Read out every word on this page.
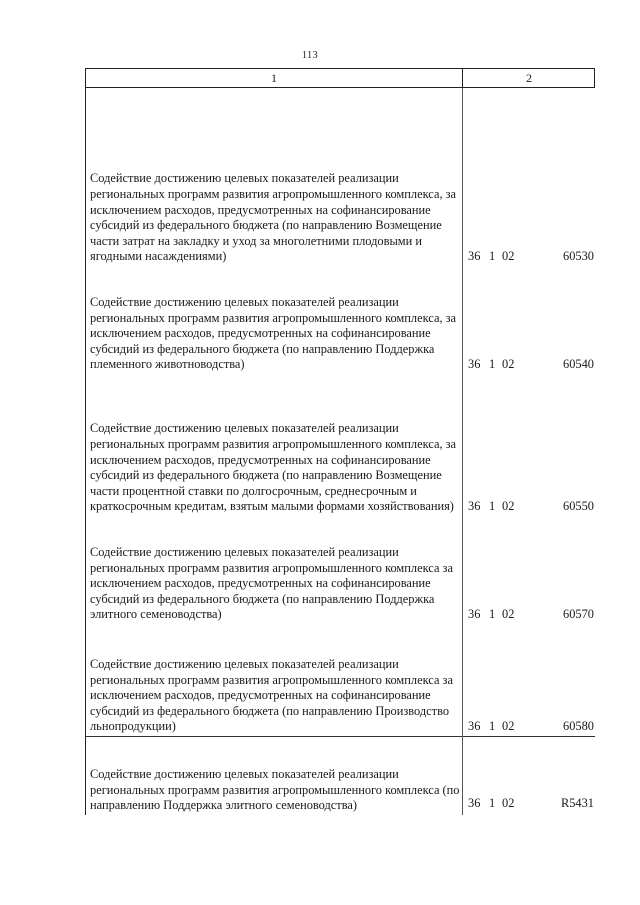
113
1	2

Содействие достижению целевых показателей реализации региональных программ развития агропромышленного комплекса, за исключением расходов, предусмотренных на софинансирование субсидий из федерального бюджета (по направлению Возмещение части затрат на закладку и уход за многолетними плодовыми и ягодными насаждениями)	36 1 02 60530

Содействие достижению целевых показателей реализации региональных программ развития агропромышленного комплекса, за исключением расходов, предусмотренных на софинансирование субсидий из федерального бюджета (по направлению Поддержка племенного животноводства)	36 1 02 60540

Содействие достижению целевых показателей реализации региональных программ развития агропромышленного комплекса, за исключением расходов, предусмотренных на софинансирование субсидий из федерального бюджета (по направлению Возмещение части процентной ставки по долгосрочным, среднесрочным и краткосрочным кредитам, взятым малыми формами хозяйствования)	36 1 02 60550

Содействие достижению целевых показателей реализации региональных программ развития агропромышленного комплекса за исключением расходов, предусмотренных на софинансирование субсидий из федерального бюджета (по направлению Поддержка элитного семеноводства)	36 1 02 60570

Содействие достижению целевых показателей реализации региональных программ развития агропромышленного комплекса за исключением расходов, предусмотренных на софинансирование субсидий из федерального бюджета (по направлению Производство льнопродукции)	36 1 02 60580

Содействие достижению целевых показателей реализации региональных программ развития агропромышленного комплекса (по направлению Поддержка элитного семеноводства)	36 1 02 R5431
